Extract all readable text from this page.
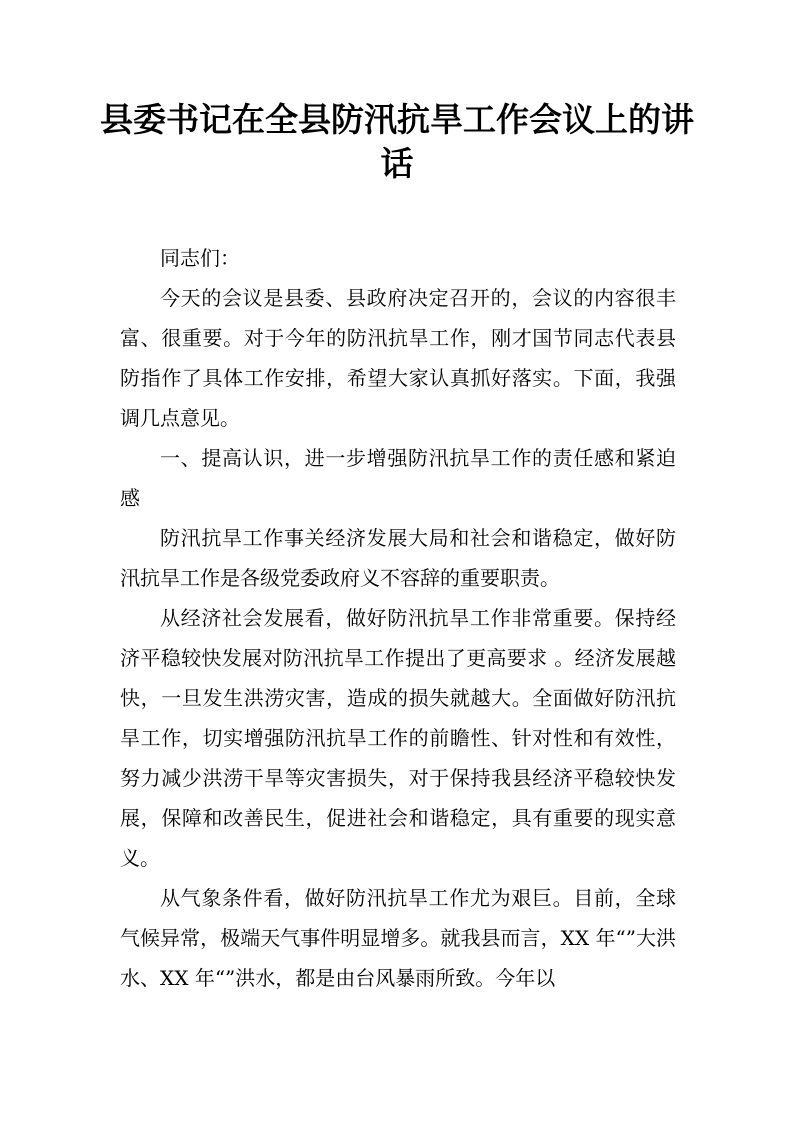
县委书记在全县防汛抗旱工作会议上的讲话

同志们：

今天的会议是县委、县政府决定召开的，会议的内容很丰富、很重要。对于今年的防汛抗旱工作，刚才国节同志代表县防指作了具体工作安排，希望大家认真抓好落实。下面，我强调几点意见。

一、提高认识，进一步增强防汛抗旱工作的责任感和紧迫感

防汛抗旱工作事关经济发展大局和社会和谐稳定，做好防汛抗旱工作是各级党委政府义不容辞的重要职责。

从经济社会发展看，做好防汛抗旱工作非常重要。保持经济平稳较快发展对防汛抗旱工作提出了更高要求 。经济发展越快，一旦发生洪涝灾害，造成的损失就越大。全面做好防汛抗旱工作，切实增强防汛抗旱工作的前瞻性、针对性和有效性，努力减少洪涝干旱等灾害损失，对于保持我县经济平稳较快发展，保障和改善民生，促进社会和谐稳定，具有重要的现实意义。

从气象条件看，做好防汛抗旱工作尤为艰巨。目前，全球气候异常，极端天气事件明显增多。就我县而言，XX 年“”大洪水、XX 年“”洪水，都是由台风暴雨所致。今年以
